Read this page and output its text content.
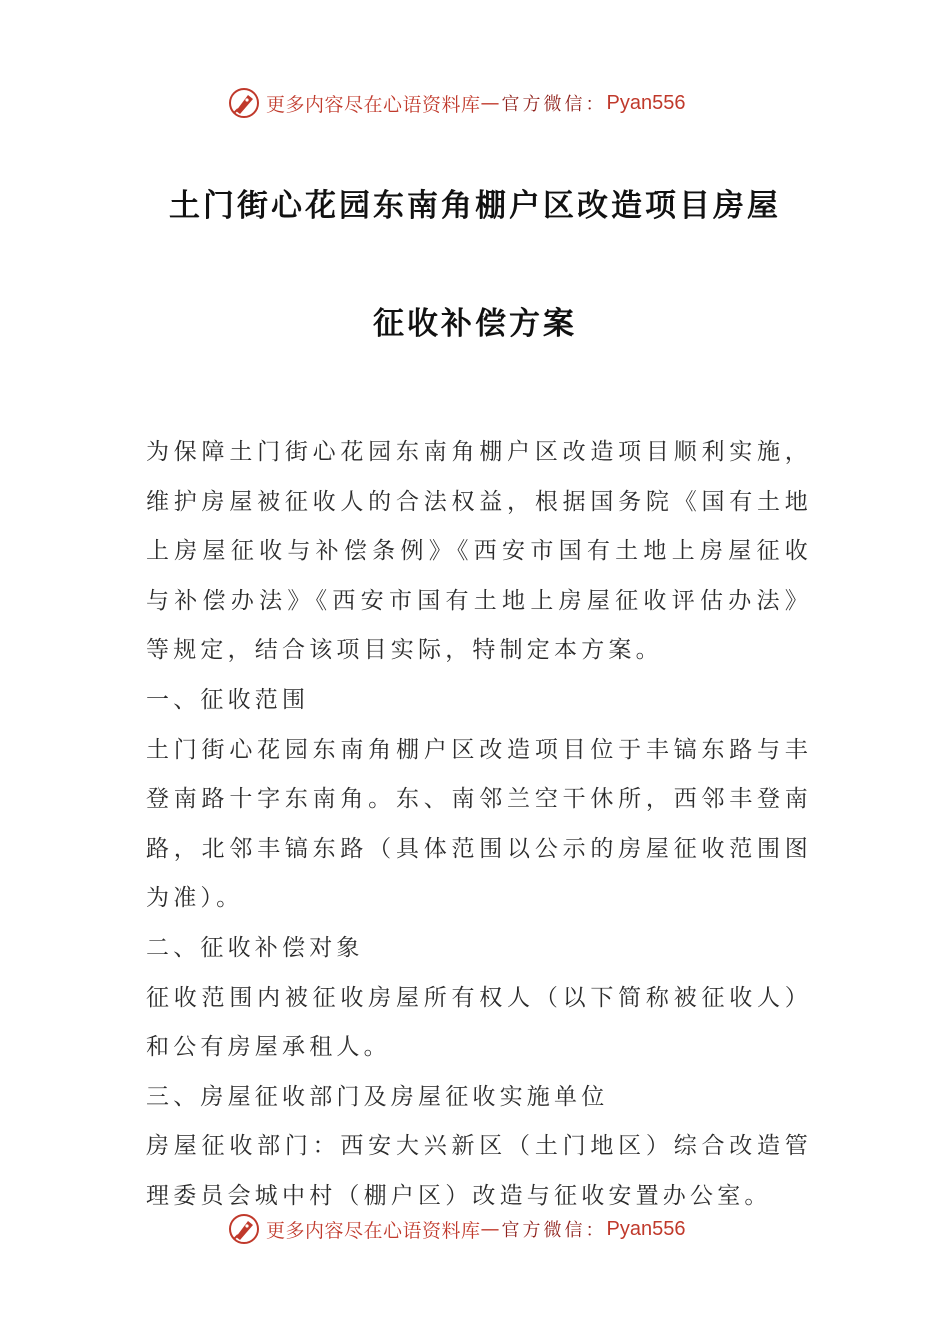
更多内容尽在心语资料库 — 官方微信： Pyan556
土门街心花园东南角棚户区改造项目房屋
征收补偿方案

为保障土门街心花园东南角棚户区改造项目顺利实施，维护房屋被征收人的合法权益，根据国务院《国有土地上房屋征收与补偿条例》《西安市国有土地上房屋征收与补偿办法》《西安市国有土地上房屋征收评估办法》等规定，结合该项目实际，特制定本方案。

一、征收范围

土门街心花园东南角棚户区改造项目位于丰镐东路与丰登南路十字东南角。东、南邻兰空干休所，西邻丰登南路，北邻丰镐东路（具体范围以公示的房屋征收范围图为准）。

二、征收补偿对象

征收范围内被征收房屋所有权人（以下简称被征收人）和公有房屋承租人。

三、房屋征收部门及房屋征收实施单位

房屋征收部门：西安大兴新区（土门地区）综合改造管理委员会城中村（棚户区）改造与征收安置办公室。

更多内容尽在心语资料库 — 官方微信： Pyan556
